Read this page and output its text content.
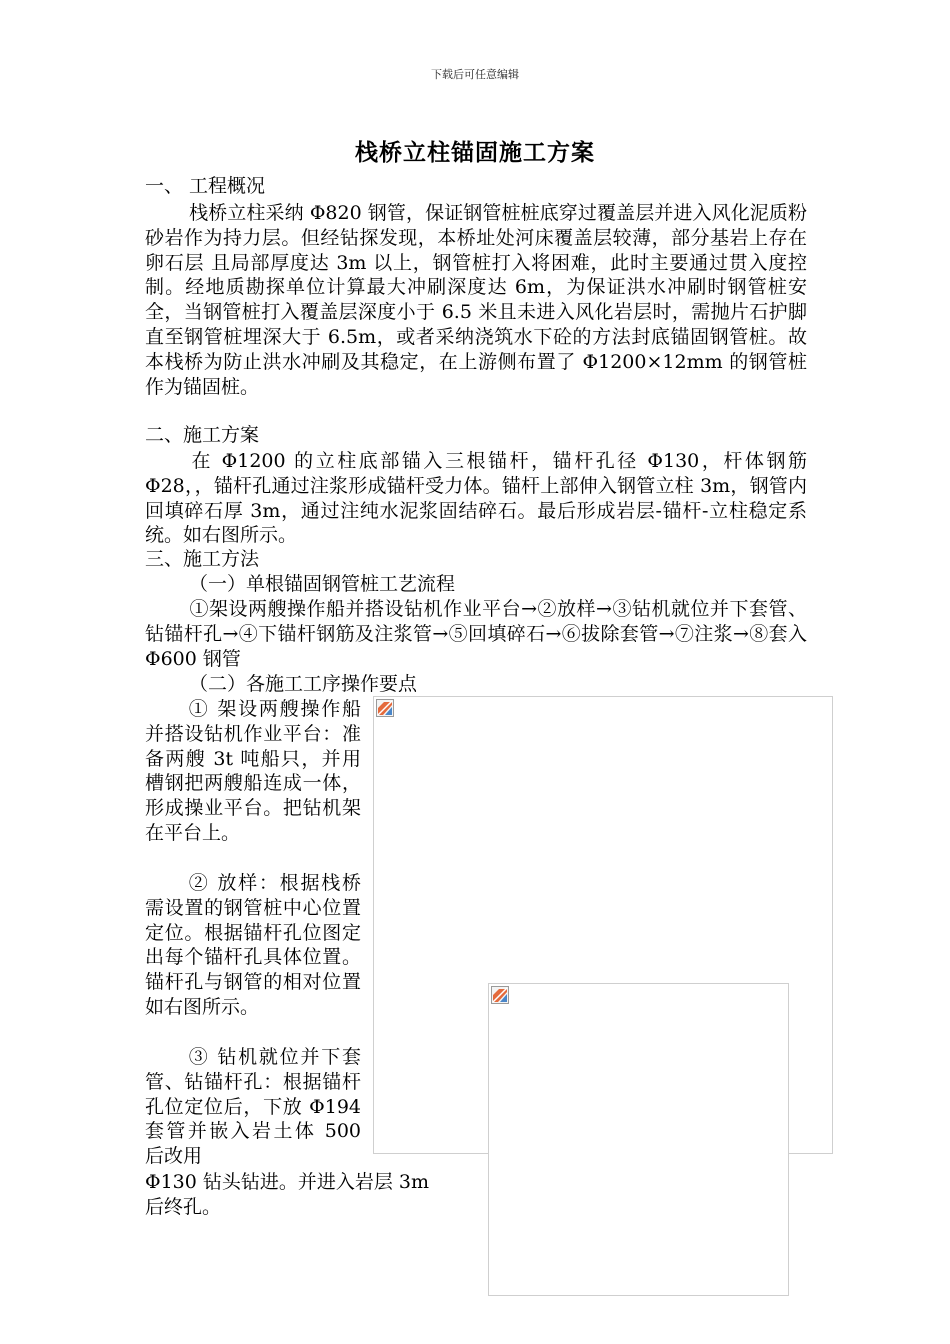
下载后可任意编辑
栈桥立柱锚固施工方案
一、 工程概况
栈桥立柱采纳 Φ820 钢管，保证钢管桩桩底穿过覆盖层并进入风化泥质粉砂岩作为持力层。但经钻探发现，本桥址处河床覆盖层较薄，部分基岩上存在卵石层 且局部厚度达 3m 以上，钢管桩打入将困难，此时主要通过贯入度控制。经地质勘探单位计算最大冲刷深度达 6m，为保证洪水冲刷时钢管桩安全，当钢管桩打入覆盖层深度小于 6.5 米且未进入风化岩层时，需抛片石护脚直至钢管桩埋深大于 6.5m，或者采纳浇筑水下砼的方法封底锚固钢管桩。故本栈桥为防止洪水冲刷及其稳定，在上游侧布置了 Φ1200×12mm 的钢管桩作为锚固桩。
二、施工方案
在 Φ1200 的立柱底部锚入三根锚杆，锚杆孔径 Φ130，杆体钢筋 Φ28，，锚杆孔通过注浆形成锚杆受力体。锚杆上部伸入钢管立柱 3m，钢管内回填碎石厚 3m，通过注纯水泥浆固结碎石。最后形成岩层-锚杆-立柱稳定系统。如右图所示。
三、施工方法
（一）单根锚固钢管桩工艺流程
①架设两艘操作船并搭设钻机作业平台→②放样→③钻机就位并下套管、钻锚杆孔→④下锚杆钢筋及注浆管→⑤回填碎石→⑥拔除套管→⑦注浆→⑧套入 Φ600 钢管
（二）各施工工序操作要点
① 架设两艘操作船并搭设钻机作业平台：准备两艘 3t 吨船只，并用槽钢把两艘船连成一体，形成操业平台。把钻机架在平台上。
② 放样：根据栈桥需设置的钢管桩中心位置定位。根据锚杆孔位图定出每个锚杆孔具体位置。锚杆孔与钢管的相对位置如右图所示。
③ 钻机就位并下套管、钻锚杆孔：根据锚杆孔位定位后，下放 Φ194 套管并嵌入岩土体 500 后改用
Φ130 钻头钻进。并进入岩层 3m
后终孔。
